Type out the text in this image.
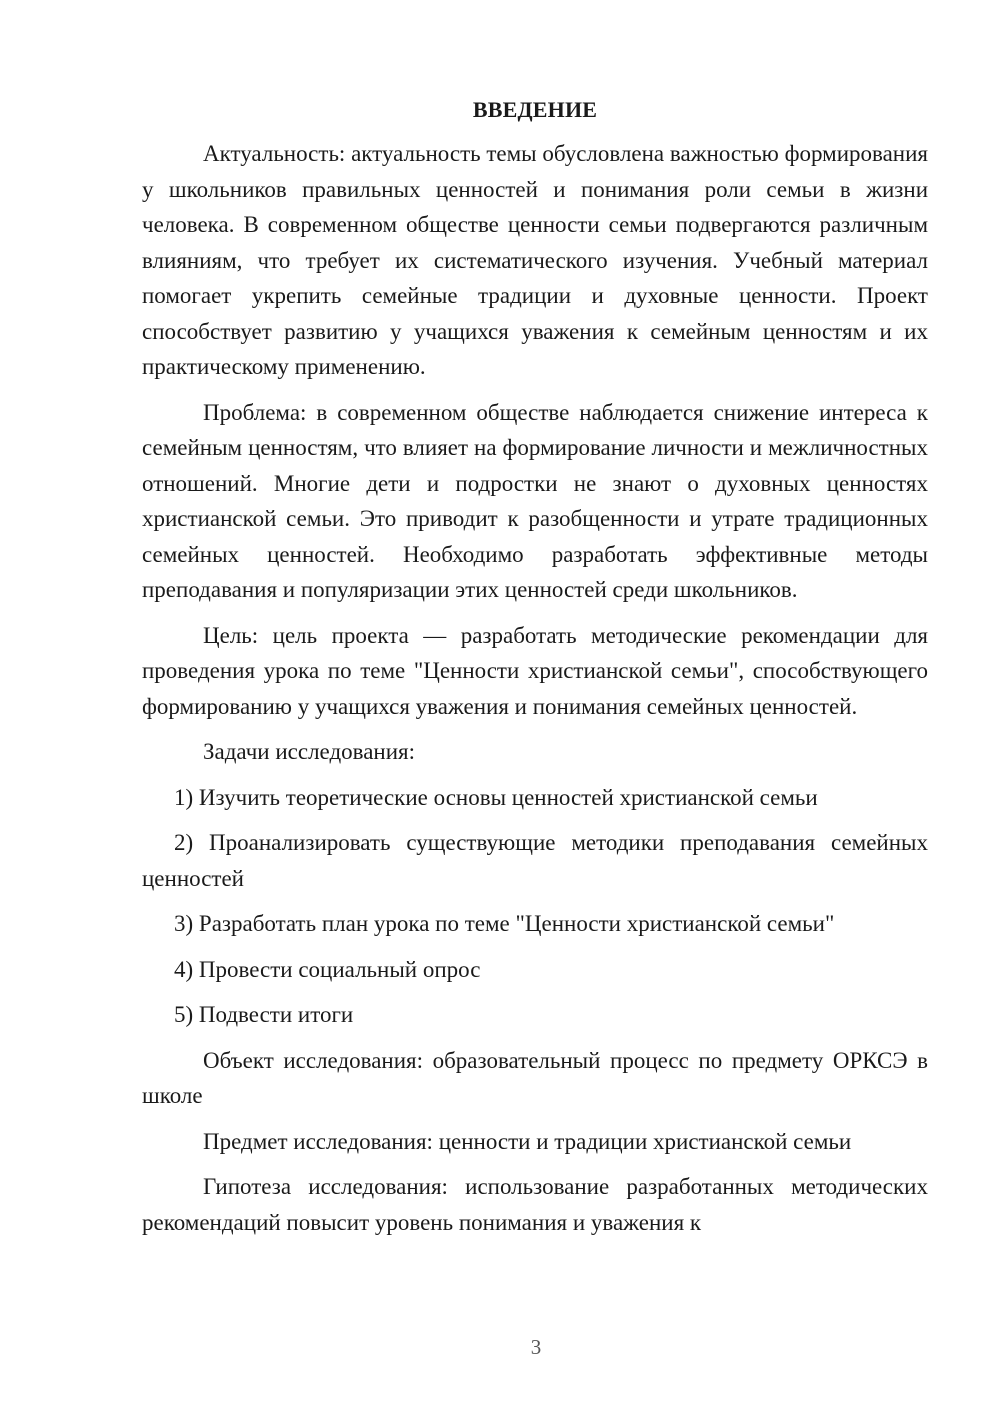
ВВЕДЕНИЕ

Актуальность: актуальность темы обусловлена важностью формирования у школьников правильных ценностей и понимания роли семьи в жизни человека. В современном обществе ценности семьи подвергаются различным влияниям, что требует их систематического изучения. Учебный материал помогает укрепить семейные традиции и духовные ценности. Проект способствует развитию у учащихся уважения к семейным ценностям и их практическому применению.

Проблема: в современном обществе наблюдается снижение интереса к семейным ценностям, что влияет на формирование личности и межличностных отношений. Многие дети и подростки не знают о духовных ценностях христианской семьи. Это приводит к разобщенности и утрате традиционных семейных ценностей. Необходимо разработать эффективные методы преподавания и популяризации этих ценностей среди школьников.

Цель: цель проекта — разработать методические рекомендации для проведения урока по теме "Ценности христианской семьи", способствующего формированию у учащихся уважения и понимания семейных ценностей.

Задачи исследования:

1) Изучить теоретические основы ценностей христианской семьи

2) Проанализировать существующие методики преподавания семейных ценностей

3) Разработать план урока по теме "Ценности христианской семьи"

4) Провести социальный опрос

5) Подвести итоги

Объект исследования: образовательный процесс по предмету ОРКСЭ в школе

Предмет исследования: ценности и традиции христианской семьи

Гипотеза исследования: использование разработанных методических рекомендаций повысит уровень понимания и уважения к

3
